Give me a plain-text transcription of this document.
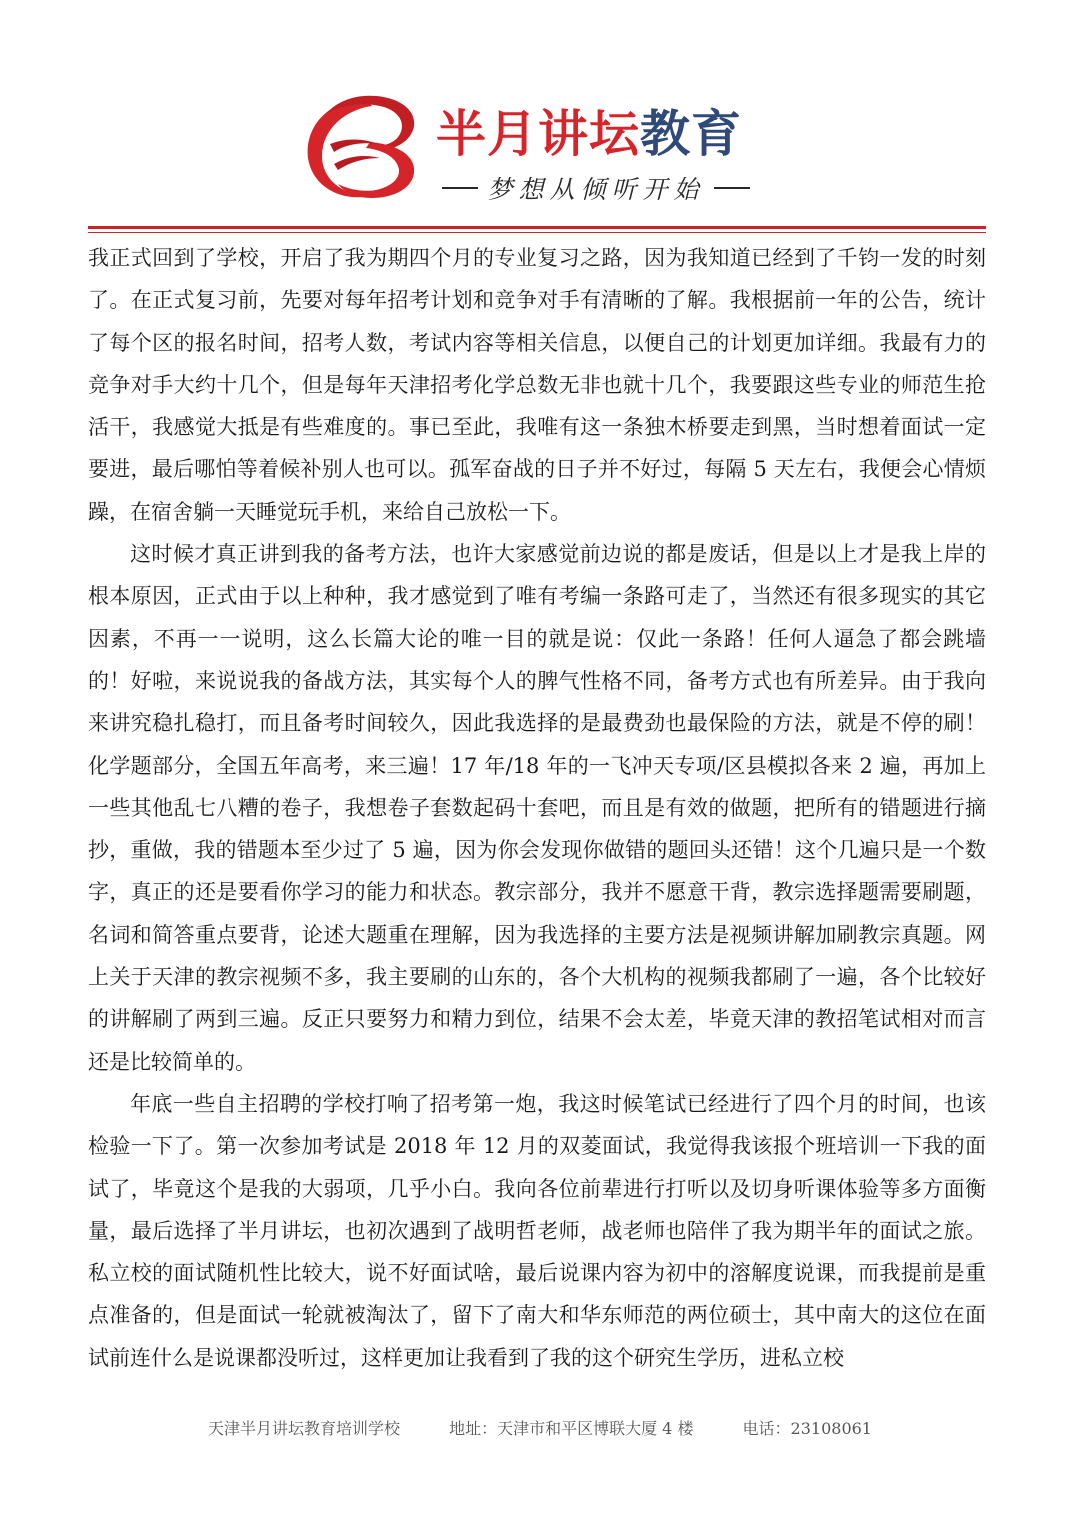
半月讲坛教育
梦想从倾听开始

我正式回到了学校，开启了我为期四个月的专业复习之路，因为我知道已经到了千钧一发的时刻了。在正式复习前，先要对每年招考计划和竞争对手有清晰的了解。我根据前一年的公告，统计了每个区的报名时间，招考人数，考试内容等相关信息，以便自己的计划更加详细。我最有力的竞争对手大约十几个，但是每年天津招考化学总数无非也就十几个，我要跟这些专业的师范生抢活干，我感觉大抵是有些难度的。事已至此，我唯有这一条独木桥要走到黑，当时想着面试一定要进，最后哪怕等着候补别人也可以。孤军奋战的日子并不好过，每隔 5 天左右，我便会心情烦躁，在宿舍躺一天睡觉玩手机，来给自己放松一下。

这时候才真正讲到我的备考方法，也许大家感觉前边说的都是废话，但是以上才是我上岸的根本原因，正式由于以上种种，我才感觉到了唯有考编一条路可走了，当然还有很多现实的其它因素，不再一一说明，这么长篇大论的唯一目的就是说：仅此一条路！任何人逼急了都会跳墙的！好啦，来说说我的备战方法，其实每个人的脾气性格不同，备考方式也有所差异。由于我向来讲究稳扎稳打，而且备考时间较久，因此我选择的是最费劲也最保险的方法，就是不停的刷！化学题部分，全国五年高考，来三遍！17 年/18 年的一飞冲天专项/区县模拟各来 2 遍，再加上一些其他乱七八糟的卷子，我想卷子套数起码十套吧，而且是有效的做题，把所有的错题进行摘抄，重做，我的错题本至少过了 5 遍，因为你会发现你做错的题回头还错！这个几遍只是一个数字，真正的还是要看你学习的能力和状态。教宗部分，我并不愿意干背，教宗选择题需要刷题，名词和简答重点要背，论述大题重在理解，因为我选择的主要方法是视频讲解加刷教宗真题。网上关于天津的教宗视频不多，我主要刷的山东的，各个大机构的视频我都刷了一遍，各个比较好的讲解刷了两到三遍。反正只要努力和精力到位，结果不会太差，毕竟天津的教招笔试相对而言还是比较简单的。

年底一些自主招聘的学校打响了招考第一炮，我这时候笔试已经进行了四个月的时间，也该检验一下了。第一次参加考试是 2018 年 12 月的双菱面试，我觉得我该报个班培训一下我的面试了，毕竟这个是我的大弱项，几乎小白。我向各位前辈进行打听以及切身听课体验等多方面衡量，最后选择了半月讲坛，也初次遇到了战明哲老师，战老师也陪伴了我为期半年的面试之旅。私立校的面试随机性比较大，说不好面试啥，最后说课内容为初中的溶解度说课，而我提前是重点准备的，但是面试一轮就被淘汰了，留下了南大和华东师范的两位硕士，其中南大的这位在面试前连什么是说课都没听过，这样更加让我看到了我的这个研究生学历，进私立校

天津半月讲坛教育培训学校	地址：天津市和平区博联大厦 4 楼	电话：23108061
